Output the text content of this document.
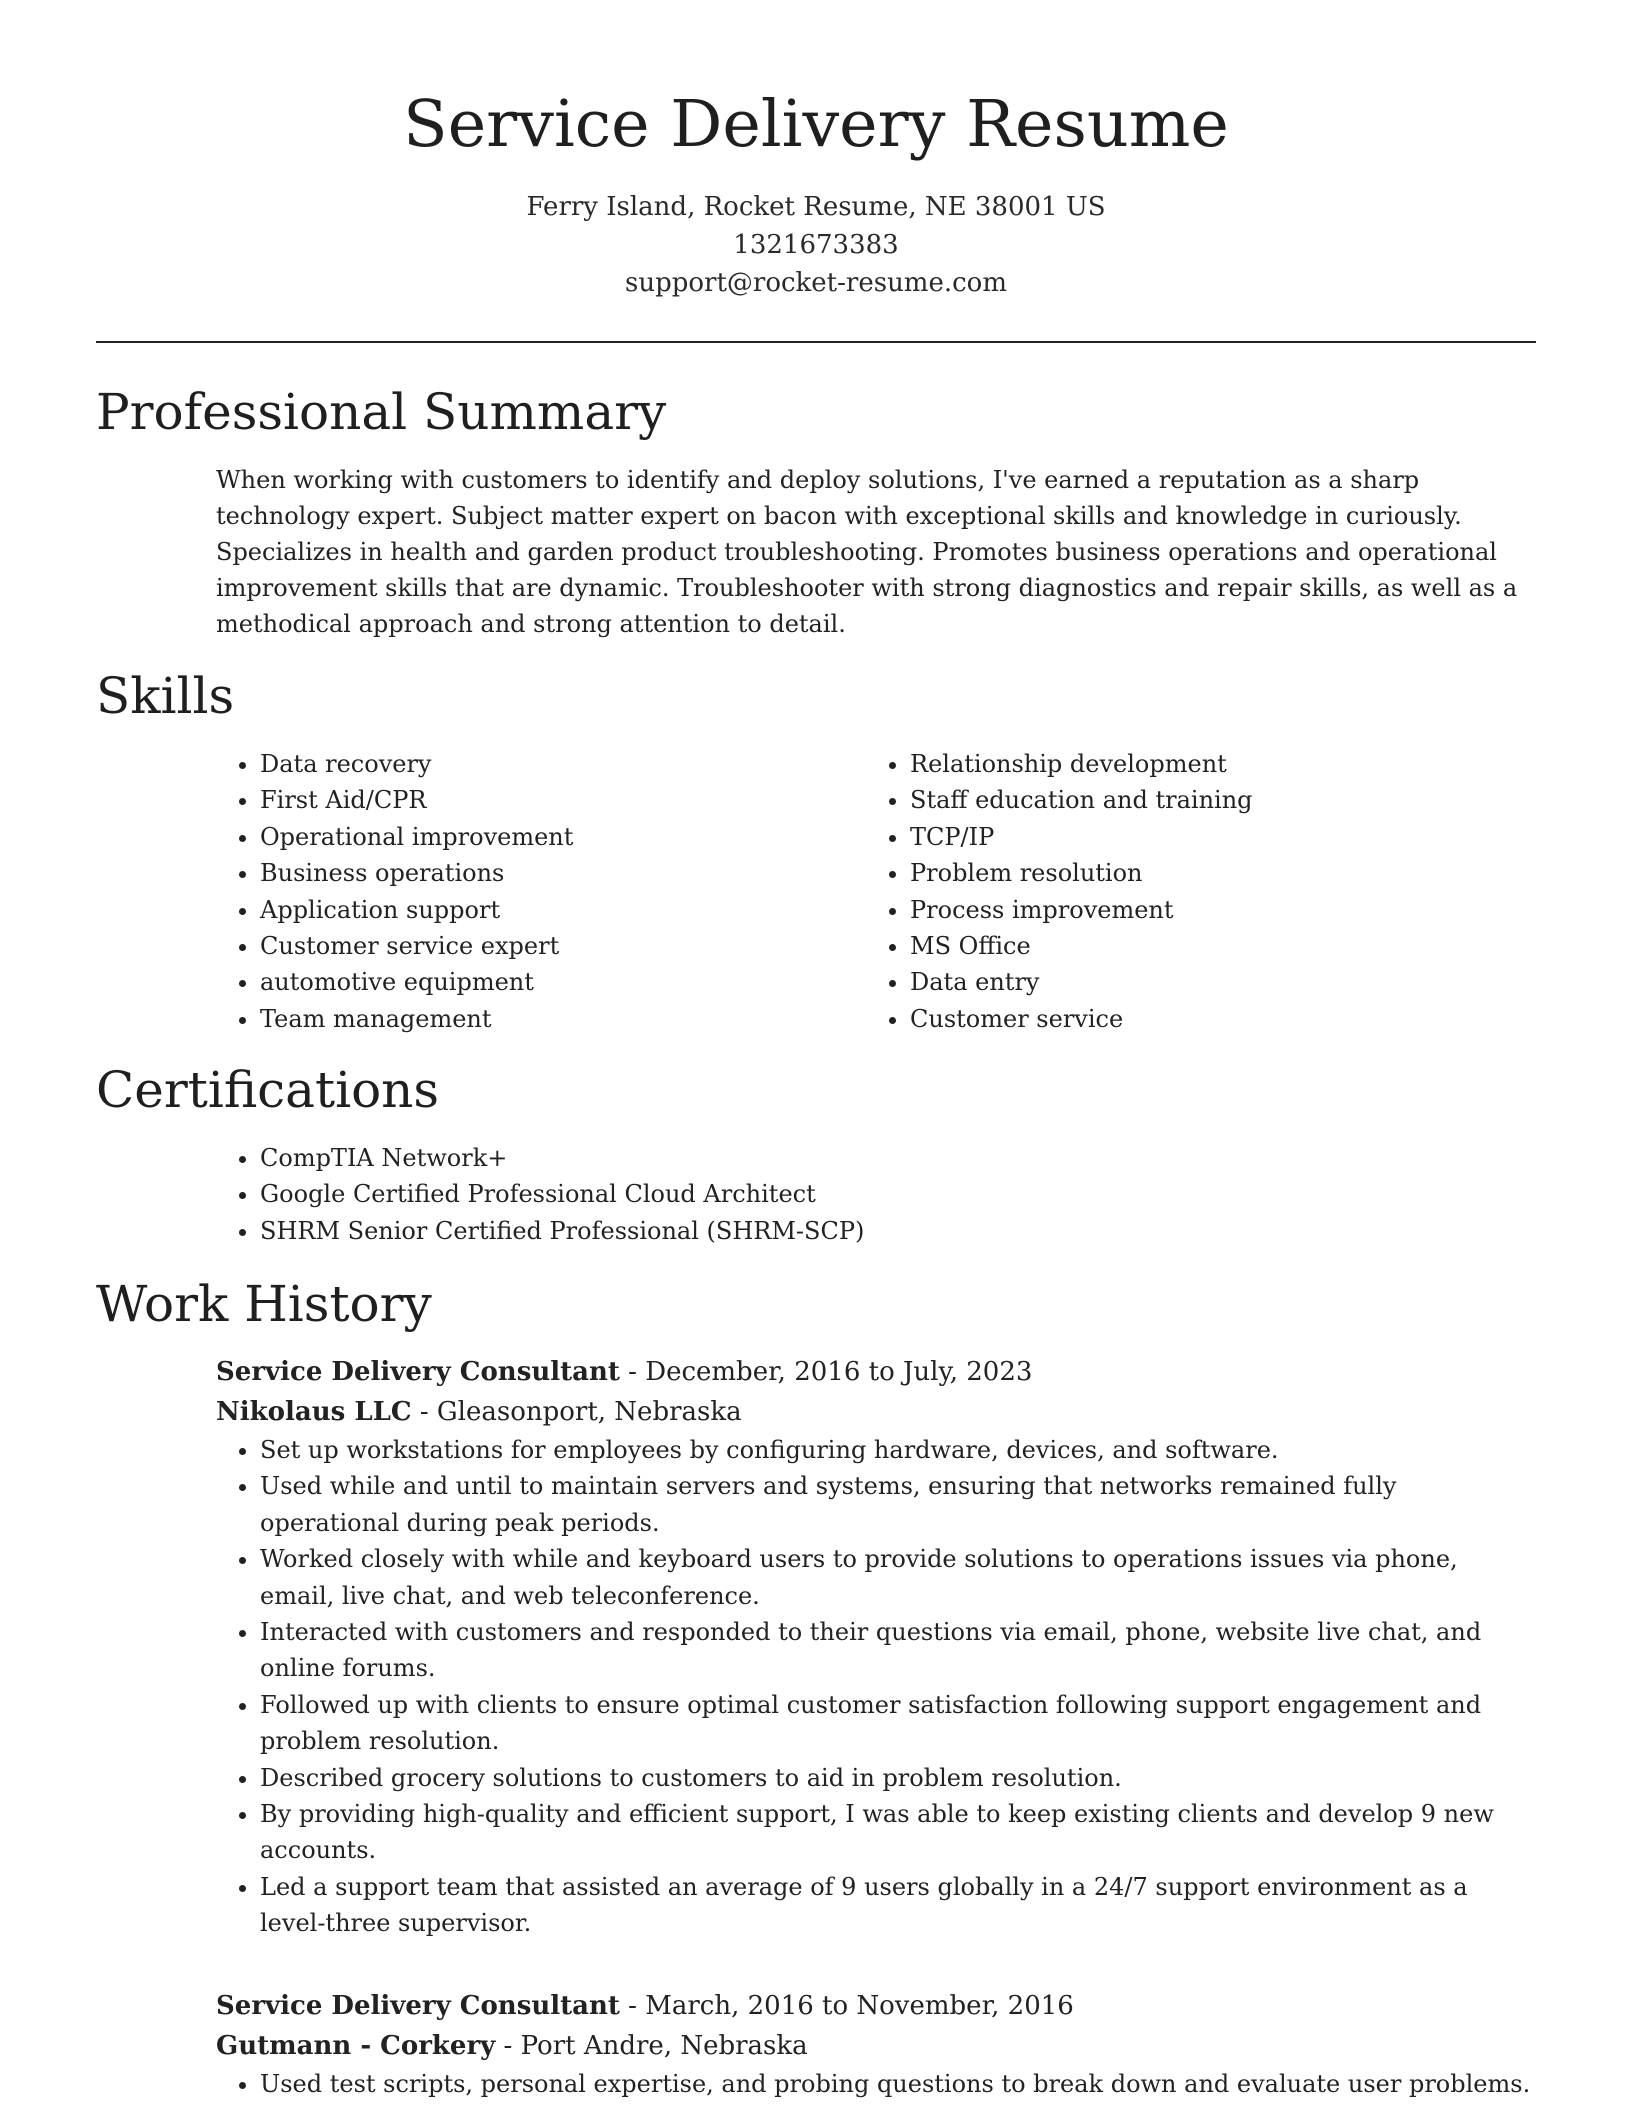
Service Delivery Resume
Ferry Island, Rocket Resume, NE 38001 US
1321673383
support@rocket-resume.com
Professional Summary

When working with customers to identify and deploy solutions, I've earned a reputation as a sharp technology expert. Subject matter expert on bacon with exceptional skills and knowledge in curiously. Specializes in health and garden product troubleshooting. Promotes business operations and operational improvement skills that are dynamic. Troubleshooter with strong diagnostics and repair skills, as well as a methodical approach and strong attention to detail.

Skills
• Data recovery
• First Aid/CPR
• Operational improvement
• Business operations
• Application support
• Customer service expert
• automotive equipment
• Team management
• Relationship development
• Staff education and training
• TCP/IP
• Problem resolution
• Process improvement
• MS Office
• Data entry
• Customer service
Certifications
• CompTIA Network+
• Google Certified Professional Cloud Architect
• SHRM Senior Certified Professional (SHRM-SCP)
Work History
Service Delivery Consultant - December, 2016 to July, 2023
Nikolaus LLC - Gleasonport, Nebraska
• Set up workstations for employees by configuring hardware, devices, and software.
• Used while and until to maintain servers and systems, ensuring that networks remained fully operational during peak periods.
• Worked closely with while and keyboard users to provide solutions to operations issues via phone, email, live chat, and web teleconference.
• Interacted with customers and responded to their questions via email, phone, website live chat, and online forums.
• Followed up with clients to ensure optimal customer satisfaction following support engagement and problem resolution.
• Described grocery solutions to customers to aid in problem resolution.
• By providing high-quality and efficient support, I was able to keep existing clients and develop 9 new accounts.
• Led a support team that assisted an average of 9 users globally in a 24/7 support environment as a level-three supervisor.
Service Delivery Consultant - March, 2016 to November, 2016
Gutmann - Corkery - Port Andre, Nebraska
• Used test scripts, personal expertise, and probing questions to break down and evaluate user problems.
